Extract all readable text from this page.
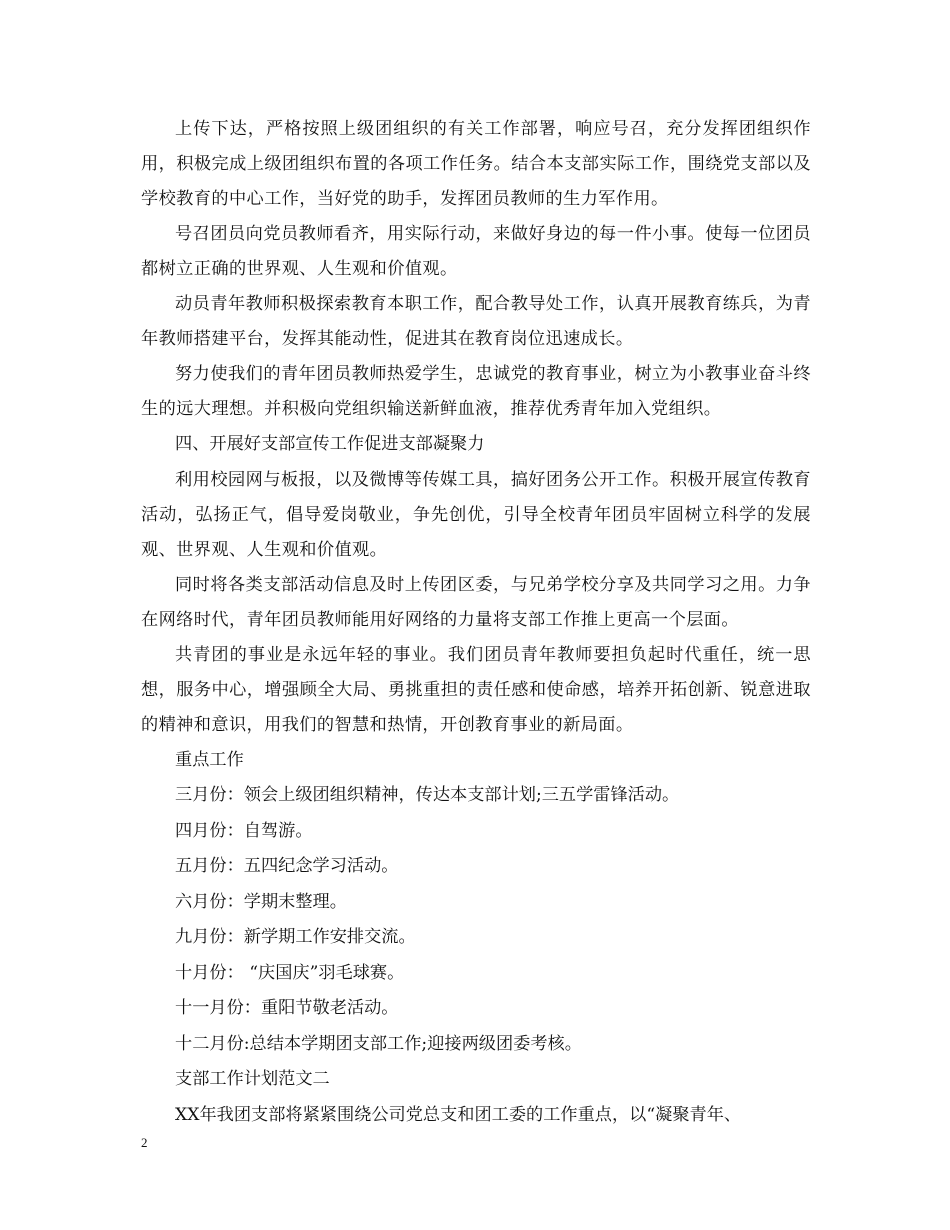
上传下达，严格按照上级团组织的有关工作部署，响应号召，充分发挥团组织作用，积极完成上级团组织布置的各项工作任务。结合本支部实际工作，围绕党支部以及学校教育的中心工作，当好党的助手，发挥团员教师的生力军作用。

号召团员向党员教师看齐，用实际行动，来做好身边的每一件小事。使每一位团员都树立正确的世界观、人生观和价值观。

动员青年教师积极探索教育本职工作，配合教导处工作，认真开展教育练兵，为青年教师搭建平台，发挥其能动性，促进其在教育岗位迅速成长。

努力使我们的青年团员教师热爱学生，忠诚党的教育事业，树立为小教事业奋斗终生的远大理想。并积极向党组织输送新鲜血液，推荐优秀青年加入党组织。

四、开展好支部宣传工作促进支部凝聚力

利用校园网与板报，以及微博等传媒工具，搞好团务公开工作。积极开展宣传教育活动，弘扬正气，倡导爱岗敬业，争先创优，引导全校青年团员牢固树立科学的发展观、世界观、人生观和价值观。

同时将各类支部活动信息及时上传团区委，与兄弟学校分享及共同学习之用。力争在网络时代，青年团员教师能用好网络的力量将支部工作推上更高一个层面。

共青团的事业是永远年轻的事业。我们团员青年教师要担负起时代重任，统一思想，服务中心，增强顾全大局、勇挑重担的责任感和使命感，培养开拓创新、锐意进取的精神和意识，用我们的智慧和热情，开创教育事业的新局面。

重点工作

三月份：领会上级团组织精神，传达本支部计划;三五学雷锋活动。

四月份：自驾游。

五月份：五四纪念学习活动。

六月份：学期末整理。

九月份：新学期工作安排交流。

十月份： “庆国庆”羽毛球赛。

十一月份：重阳节敬老活动。

十二月份:总结本学期团支部工作;迎接两级团委考核。

支部工作计划范文二

XX年我团支部将紧紧围绕公司党总支和团工委的工作重点，以“凝聚青年、

2
